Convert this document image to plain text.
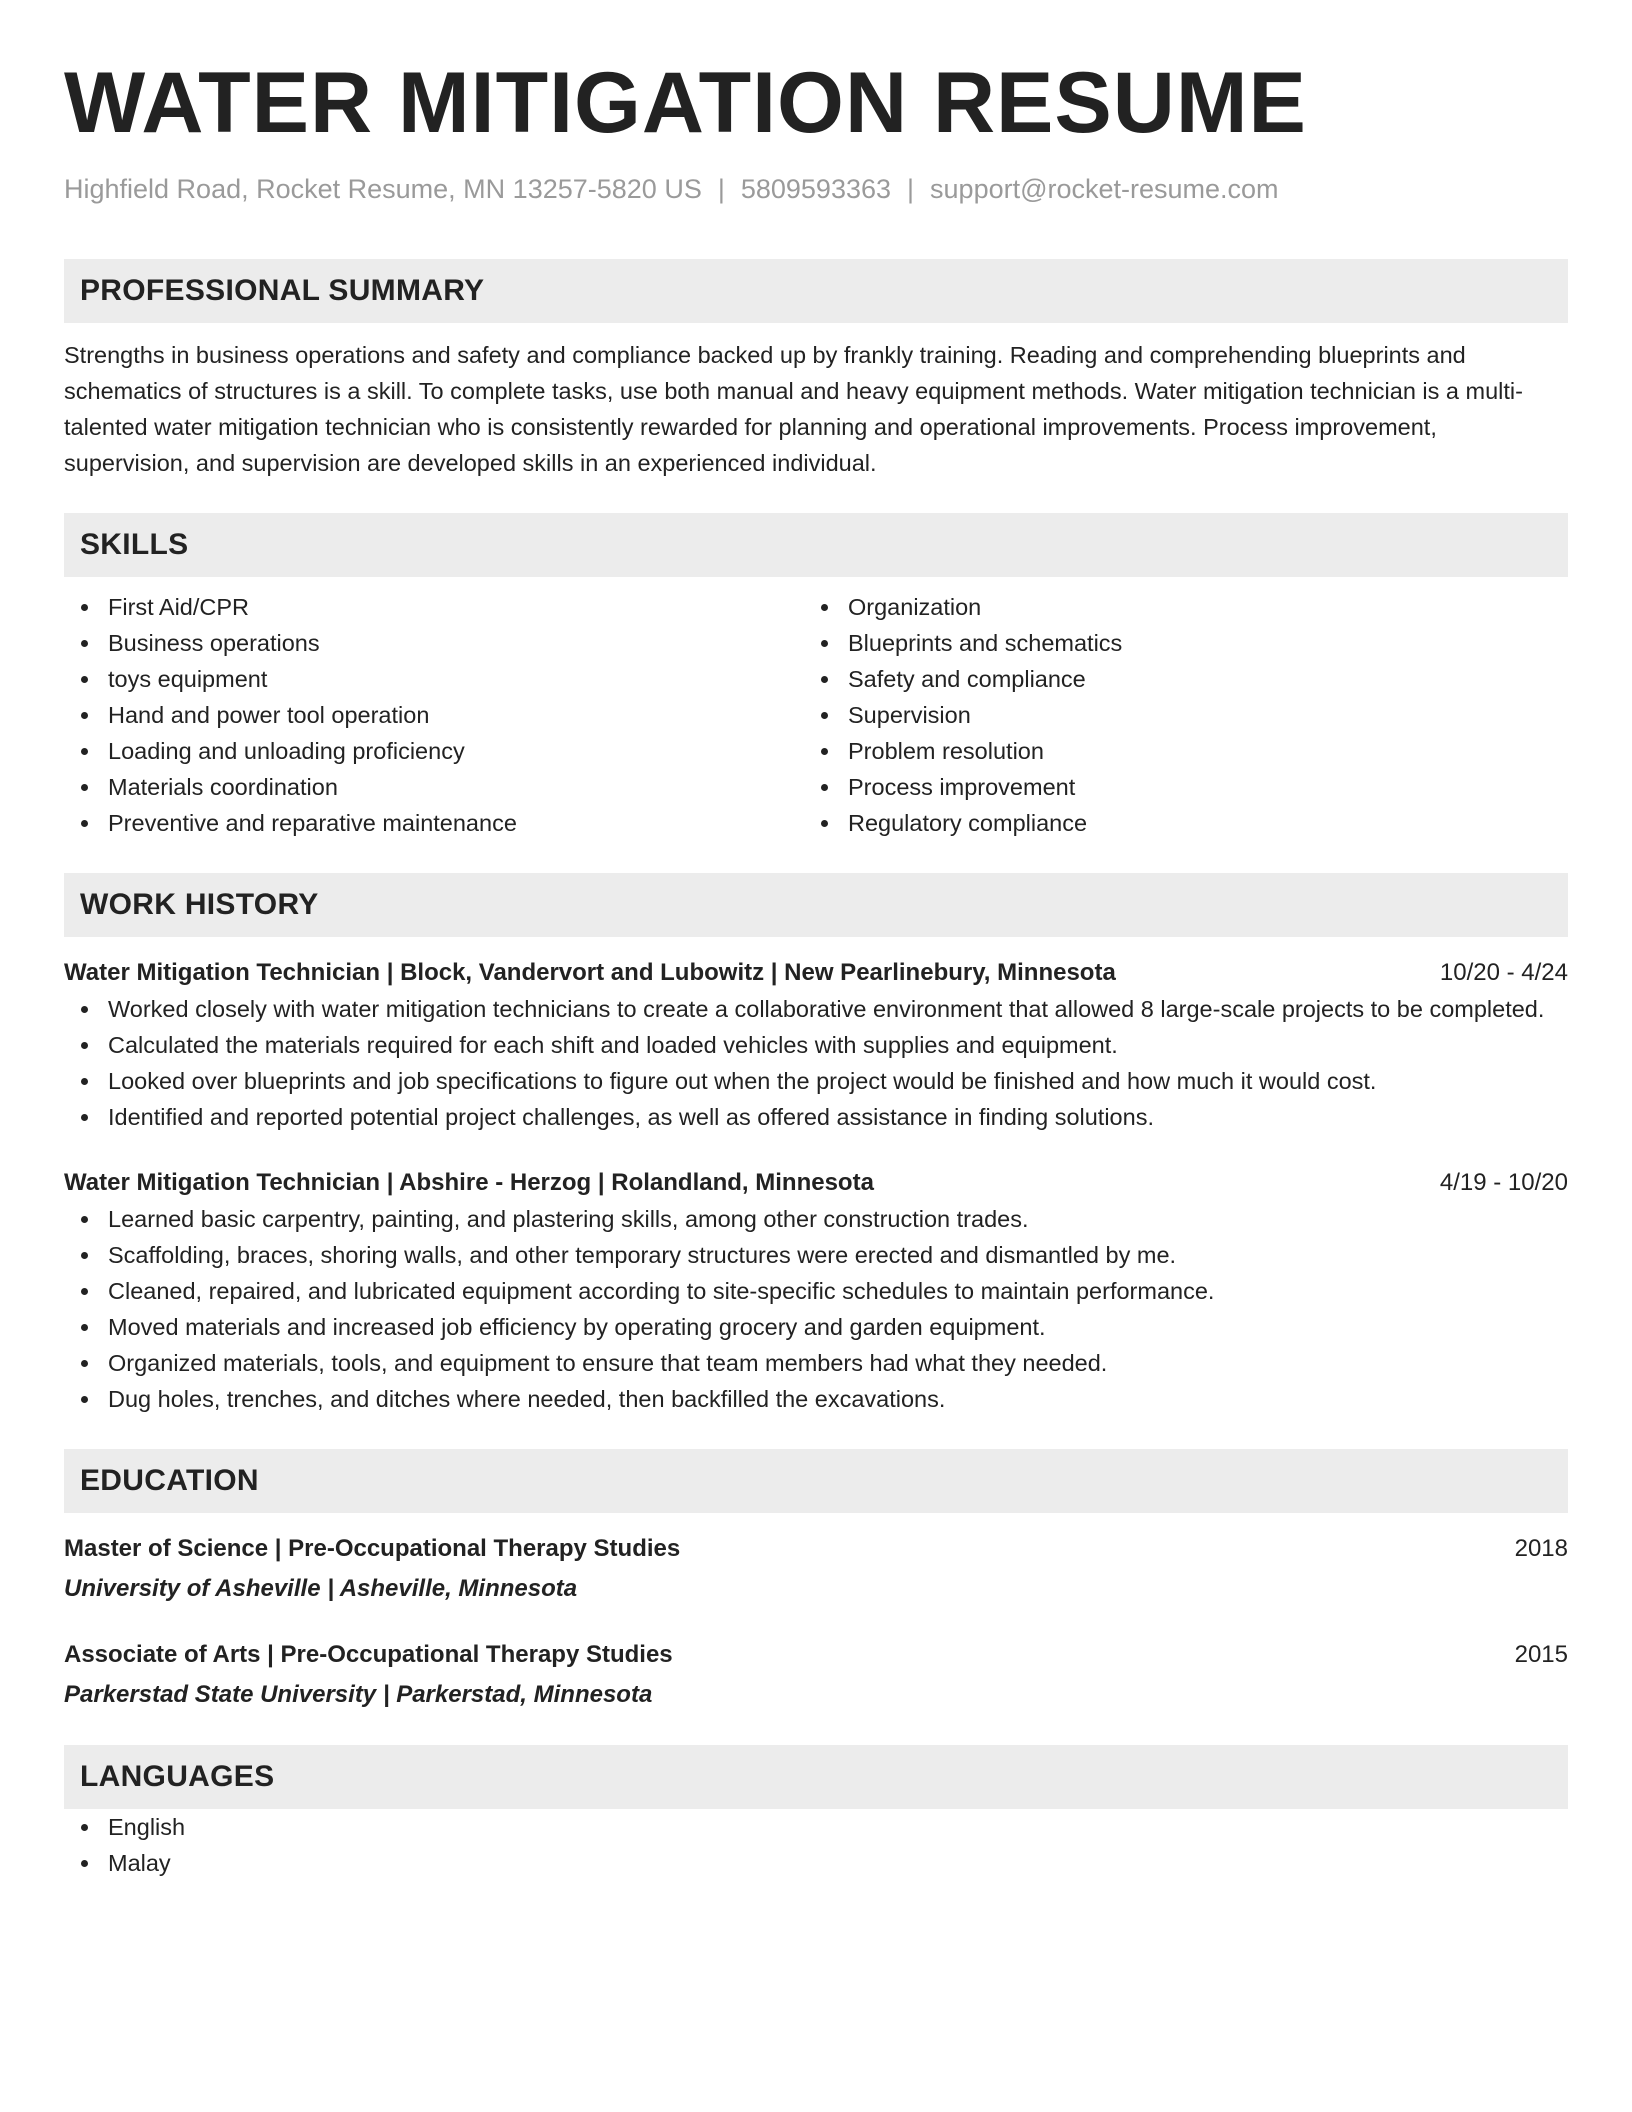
WATER MITIGATION RESUME
Highfield Road, Rocket Resume, MN 13257-5820 US | 5809593363 | support@rocket-resume.com
PROFESSIONAL SUMMARY

Strengths in business operations and safety and compliance backed up by frankly training. Reading and comprehending blueprints and schematics of structures is a skill. To complete tasks, use both manual and heavy equipment methods. Water mitigation technician is a multi-talented water mitigation technician who is consistently rewarded for planning and operational improvements. Process improvement, supervision, and supervision are developed skills in an experienced individual.

SKILLS
First Aid/CPR
Business operations
toys equipment
Hand and power tool operation
Loading and unloading proficiency
Materials coordination
Preventive and reparative maintenance
Organization
Blueprints and schematics
Safety and compliance
Supervision
Problem resolution
Process improvement
Regulatory compliance
WORK HISTORY
Water Mitigation Technician | Block, Vandervort and Lubowitz | New Pearlinebury, Minnesota	10/20 - 4/24
Worked closely with water mitigation technicians to create a collaborative environment that allowed 8 large-scale projects to be completed.
Calculated the materials required for each shift and loaded vehicles with supplies and equipment.
Looked over blueprints and job specifications to figure out when the project would be finished and how much it would cost.
Identified and reported potential project challenges, as well as offered assistance in finding solutions.
Water Mitigation Technician | Abshire - Herzog | Rolandland, Minnesota	4/19 - 10/20
Learned basic carpentry, painting, and plastering skills, among other construction trades.
Scaffolding, braces, shoring walls, and other temporary structures were erected and dismantled by me.
Cleaned, repaired, and lubricated equipment according to site-specific schedules to maintain performance.
Moved materials and increased job efficiency by operating grocery and garden equipment.
Organized materials, tools, and equipment to ensure that team members had what they needed.
Dug holes, trenches, and ditches where needed, then backfilled the excavations.
EDUCATION
Master of Science | Pre-Occupational Therapy Studies	2018
University of Asheville | Asheville, Minnesota
Associate of Arts | Pre-Occupational Therapy Studies	2015
Parkerstad State University | Parkerstad, Minnesota
LANGUAGES
English
Malay
